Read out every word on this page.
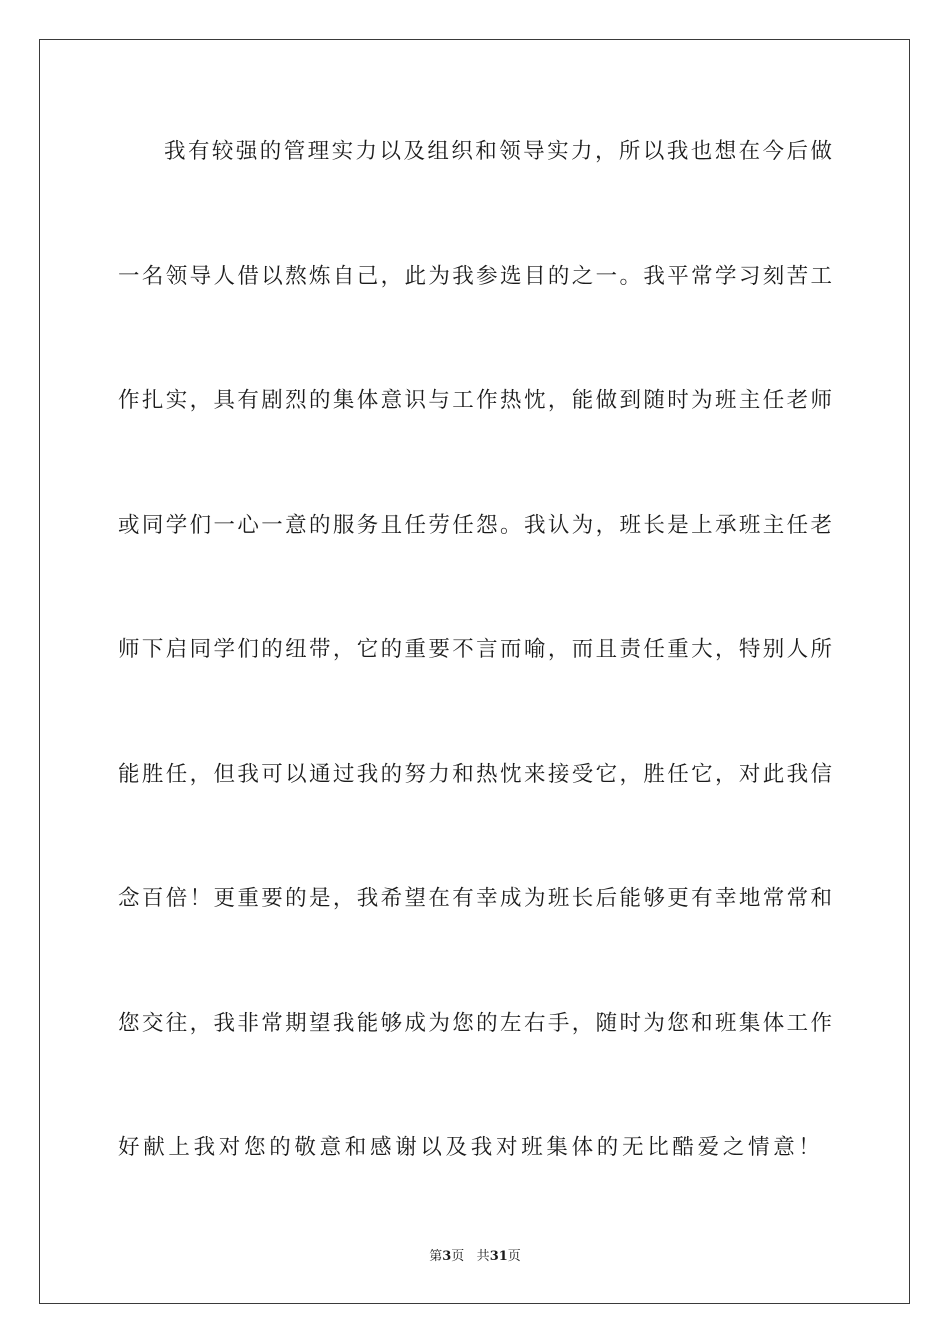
我有较强的管理实力以及组织和领导实力，所以我也想在今后做
一名领导人借以熬炼自己，此为我参选目的之一。我平常学习刻苦工
作扎实，具有剧烈的集体意识与工作热忱，能做到随时为班主任老师
或同学们一心一意的服务且任劳任怨。我认为，班长是上承班主任老
师下启同学们的纽带，它的重要不言而喻，而且责任重大，特别人所
能胜任，但我可以通过我的努力和热忱来接受它，胜任它，对此我信
念百倍！更重要的是，我希望在有幸成为班长后能够更有幸地常常和
您交往，我非常期望我能够成为您的左右手，随时为您和班集体工作
好献上我对您的敬意和感谢以及我对班集体的无比酷爱之情意！
第3页 共31页
